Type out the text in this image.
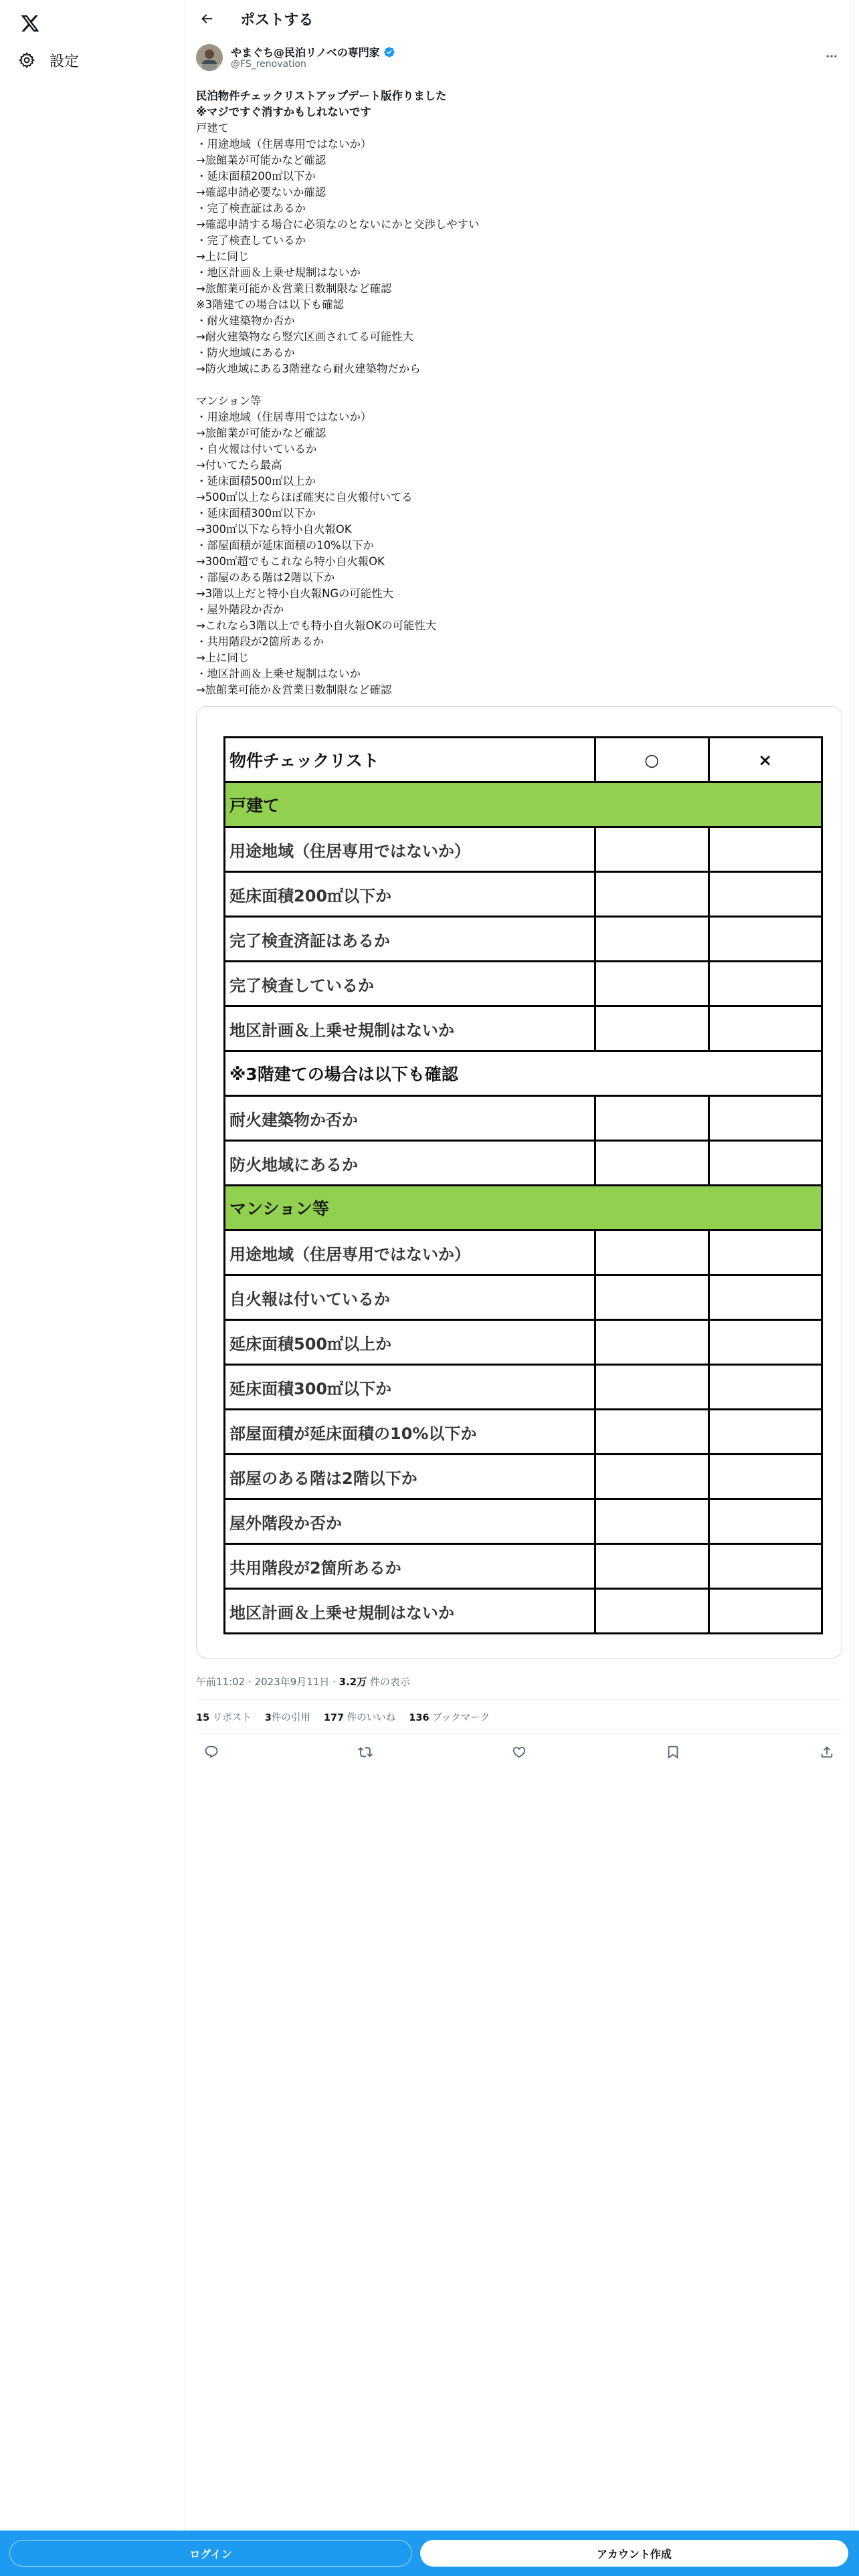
設定
ポストする
やまぐち@民泊リノベの専門家
@FS_renovation
民泊物件チェックリストアップデート版作りました
※マジですぐ消すかもしれないです
戸建て
・用途地域（住居専用ではないか）
→旅館業が可能かなど確認
・延床面積200㎡以下か
→確認申請必要ないか確認
・完了検査証はあるか
→確認申請する場合に必須なのとないにかと交渉しやすい
・完了検査しているか
→上に同じ
・地区計画＆上乗せ規制はないか
→旅館業可能か＆営業日数制限など確認
※3階建ての場合は以下も確認
・耐火建築物か否か
→耐火建築物なら竪穴区画されてる可能性大
・防火地域にあるか
→防火地域にある3階建なら耐火建築物だから

マンション等
・用途地域（住居専用ではないか）
→旅館業が可能かなど確認
・自火報は付いているか
→付いてたら最高
・延床面積500㎡以上か
→500㎡以上ならほぼ確実に自火報付いてる
・延床面積300㎡以下か
→300㎡以下なら特小自火報OK
・部屋面積が延床面積の10%以下か
→300㎡超でもこれなら特小自火報OK
・部屋のある階は2階以下か
→3階以上だと特小自火報NGの可能性大
・屋外階段か否か
→これなら3階以上でも特小自火報OKの可能性大
・共用階段が2箇所あるか
→上に同じ
・地区計画＆上乗せ規制はないか
→旅館業可能か＆営業日数制限など確認
物件チェックリスト	○	×
戸建て		
用途地域（住居専用ではないか）		
延床面積200㎡以下か		
完了検査済証はあるか		
完了検査しているか		
地区計画＆上乗せ規制はないか		
※3階建ての場合は以下も確認		
耐火建築物か否か		
防火地域にあるか		
マンション等		
用途地域（住居専用ではないか）		
自火報は付いているか		
延床面積500㎡以上か		
延床面積300㎡以下か		
部屋面積が延床面積の10%以下か		
部屋のある階は2階以下か		
屋外階段か否か		
共用階段が2箇所あるか		
地区計画＆上乗せ規制はないか		
午前11:02 · 2023年9月11日 · 3.2万 件の表示
15 リポスト 3件の引用 177 件のいいね 136 ブックマーク
ログイン	アカウント作成
